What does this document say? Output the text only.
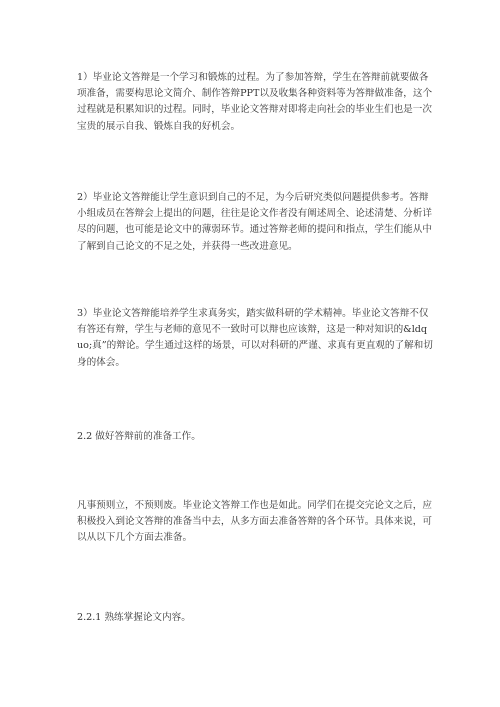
1）毕业论文答辩是一个学习和锻炼的过程。为了参加答辩，学生在答辩前就要做各项准备，需要构思论文简介、制作答辩PPT以及收集各种资料等为答辩做准备，这个过程就是积累知识的过程。同时，毕业论文答辩对即将走向社会的毕业生们也是一次宝贵的展示自我、锻炼自我的好机会。

2）毕业论文答辩能让学生意识到自己的不足，为今后研究类似问题提供参考。答辩小组成员在答辩会上提出的问题，往往是论文作者没有阐述周全、论述清楚、分析详尽的问题，也可能是论文中的薄弱环节。通过答辩老师的提问和指点，学生们能从中了解到自己论文的不足之处，并获得一些改进意见。

3）毕业论文答辩能培养学生求真务实，踏实做科研的学术精神。毕业论文答辩不仅有答还有辩，学生与老师的意见不一致时可以辩也应该辩，这是一种对知识的&ldquo;真”的辩论。学生通过这样的场景，可以对科研的严谨、求真有更直观的了解和切身的体会。

2.2 做好答辩前的准备工作。

凡事预则立，不预则废。毕业论文答辩工作也是如此。同学们在提交完论文之后，应积极投入到论文答辩的准备当中去，从多方面去准备答辩的各个环节。具体来说，可以从以下几个方面去准备。

2.2.1 熟练掌握论文内容。
